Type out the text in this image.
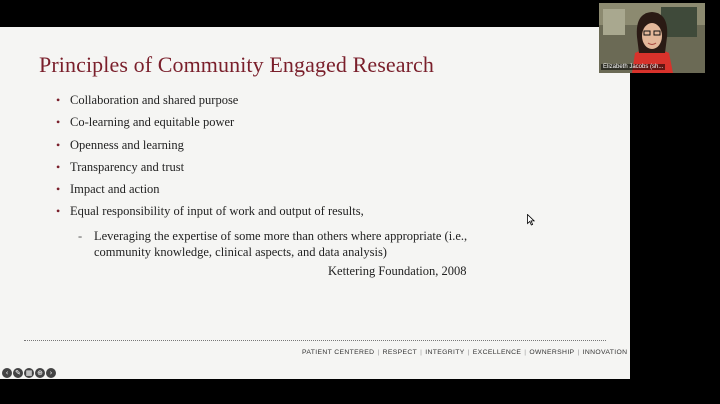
Principles of Community Engaged Research
• Collaboration and shared purpose
• Co-learning and equitable power
• Openness and learning
• Transparency and trust
• Impact and action
• Equal responsibility of input of work and output of results,
- Leveraging the expertise of some more than others where appropriate (i.e., community knowledge, clinical aspects, and data analysis)
Kettering Foundation, 2008
PATIENT CENTERED | RESPECT | INTEGRITY | EXCELLENCE | OWNERSHIP | INNOVATION
‹ ✎ ▦ ⊕ ›
Elizabeth Jacobs (sh...
